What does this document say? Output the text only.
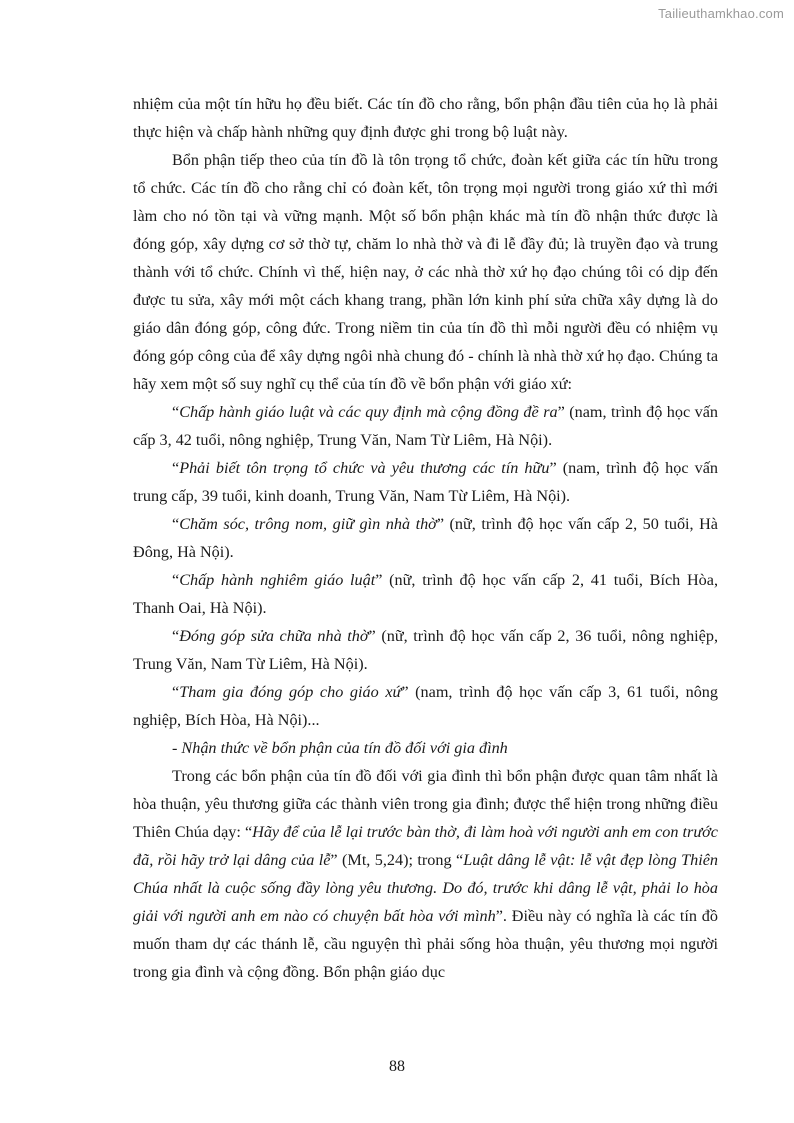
Tailieuthamkhao.com

nhiệm của một tín hữu họ đều biết. Các tín đồ cho rằng, bổn phận đầu tiên của họ là phải thực hiện và chấp hành những quy định được ghi trong bộ luật này.

Bổn phận tiếp theo của tín đồ là tôn trọng tổ chức, đoàn kết giữa các tín hữu trong tổ chức. Các tín đồ cho rằng chỉ có đoàn kết, tôn trọng mọi người trong giáo xứ thì mới làm cho nó tồn tại và vững mạnh. Một số bổn phận khác mà tín đồ nhận thức được là đóng góp, xây dựng cơ sở thờ tự, chăm lo nhà thờ và đi lễ đầy đủ; là truyền đạo và trung thành với tổ chức. Chính vì thế, hiện nay, ở các nhà thờ xứ họ đạo chúng tôi có dịp đến được tu sửa, xây mới một cách khang trang, phần lớn kinh phí sửa chữa xây dựng là do giáo dân đóng góp, công đức. Trong niềm tin của tín đồ thì mỗi người đều có nhiệm vụ đóng góp công của để xây dựng ngôi nhà chung đó - chính là nhà thờ xứ họ đạo. Chúng ta hãy xem một số suy nghĩ cụ thể của tín đồ về bổn phận với giáo xứ:

“Chấp hành giáo luật và các quy định mà cộng đồng đề ra” (nam, trình độ học vấn cấp 3, 42 tuổi, nông nghiệp, Trung Văn, Nam Từ Liêm, Hà Nội).

“Phải biết tôn trọng tổ chức và yêu thương các tín hữu” (nam, trình độ học vấn trung cấp, 39 tuổi, kinh doanh, Trung Văn, Nam Từ Liêm, Hà Nội).

“Chăm sóc, trông nom, giữ gìn nhà thờ” (nữ, trình độ học vấn cấp 2, 50 tuổi, Hà Đông, Hà Nội).

“Chấp hành nghiêm giáo luật” (nữ, trình độ học vấn cấp 2, 41 tuổi, Bích Hòa, Thanh Oai, Hà Nội).

“Đóng góp sửa chữa nhà thờ” (nữ, trình độ học vấn cấp 2, 36 tuổi, nông nghiệp, Trung Văn, Nam Từ Liêm, Hà Nội).

“Tham gia đóng góp cho giáo xứ” (nam, trình độ học vấn cấp 3, 61 tuổi, nông nghiệp, Bích Hòa, Hà Nội)...

- Nhận thức về bổn phận của tín đồ đối với gia đình

Trong các bổn phận của tín đồ đối với gia đình thì bổn phận được quan tâm nhất là hòa thuận, yêu thương giữa các thành viên trong gia đình; được thể hiện trong những điều Thiên Chúa dạy: “Hãy để của lễ lại trước bàn thờ, đi làm hoà với người anh em con trước đã, rồi hãy trở lại dâng của lễ” (Mt, 5,24); trong “Luật dâng lễ vật: lễ vật đẹp lòng Thiên Chúa nhất là cuộc sống đầy lòng yêu thương. Do đó, trước khi dâng lễ vật, phải lo hòa giải với người anh em nào có chuyện bất hòa với mình”. Điều này có nghĩa là các tín đồ muốn tham dự các thánh lễ, cầu nguyện thì phải sống hòa thuận, yêu thương mọi người trong gia đình và cộng đồng. Bổn phận giáo dục

88
